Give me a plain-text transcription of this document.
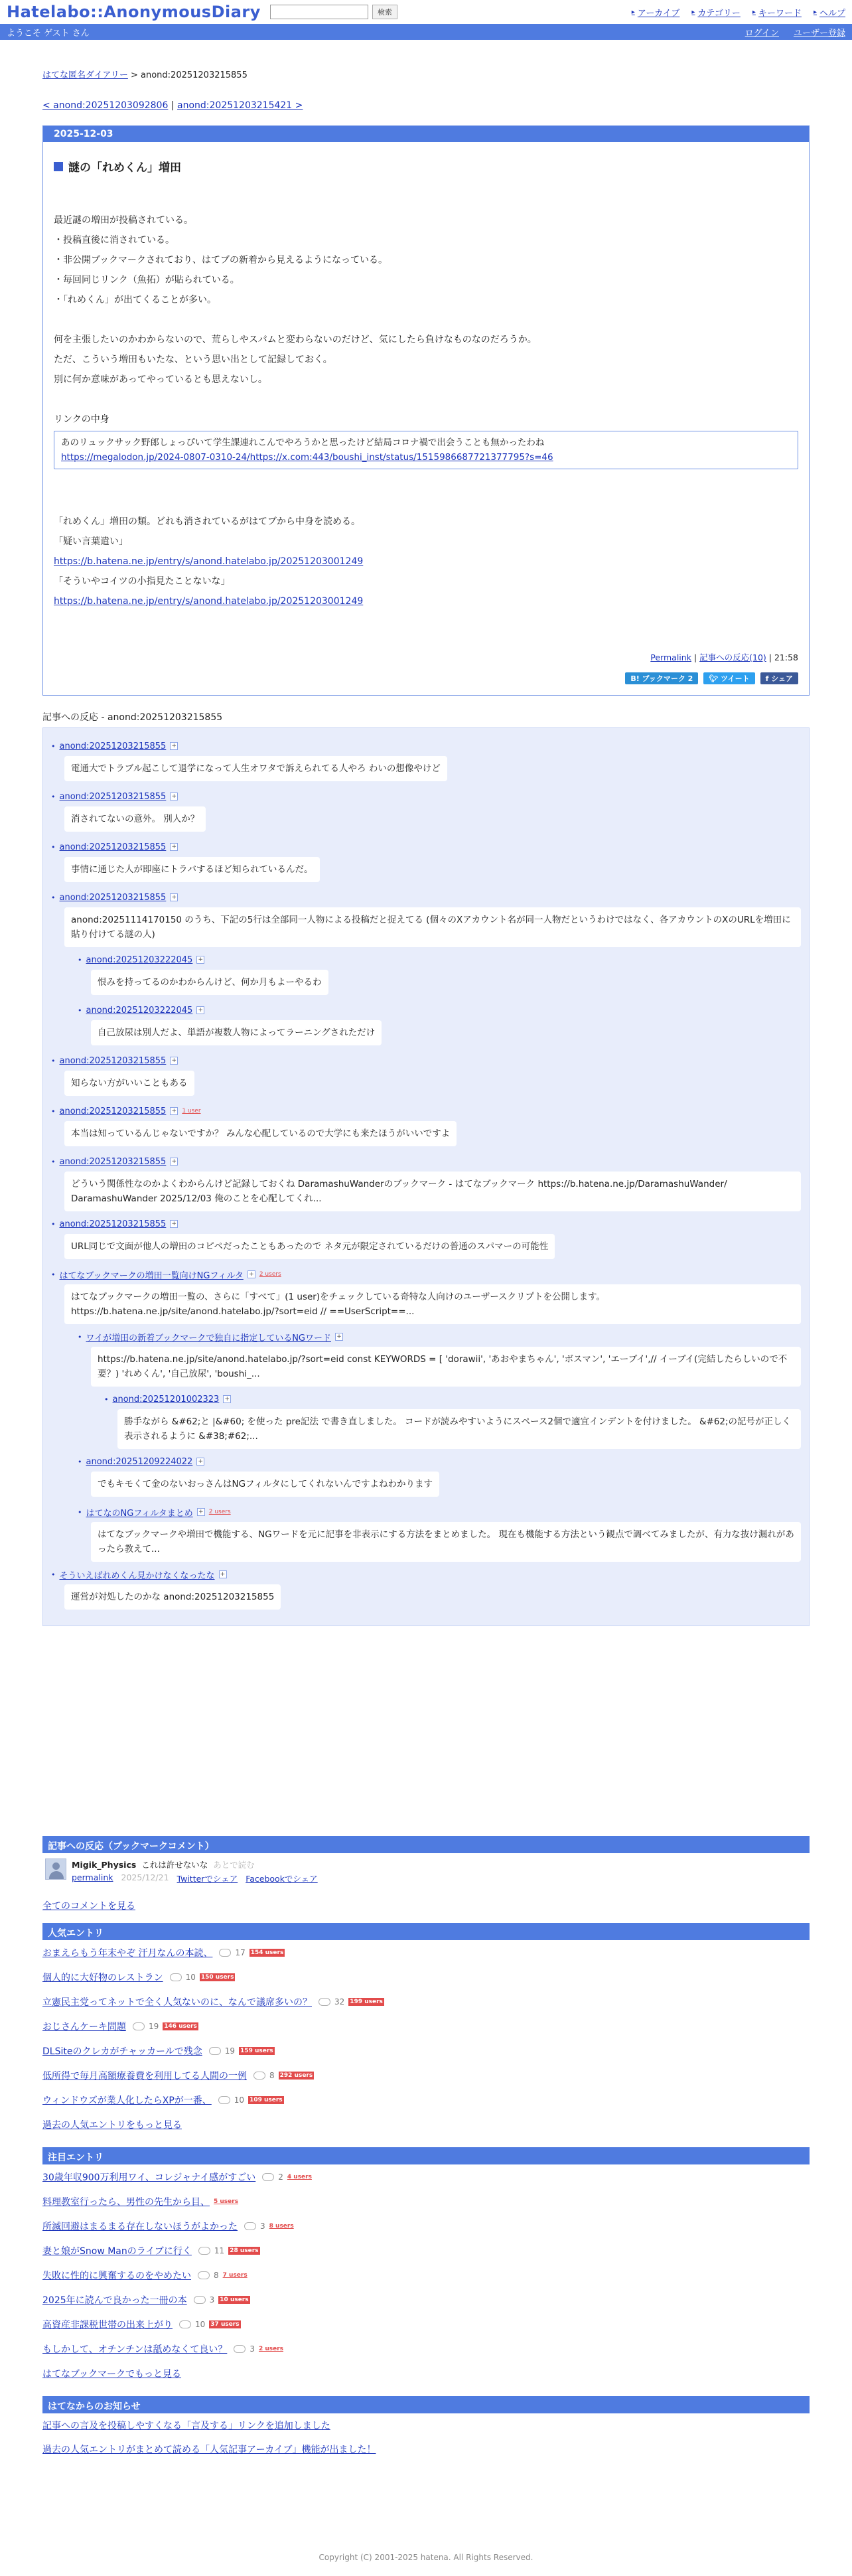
Hatelabo::AnonymousDiary	検索	▸ アーカイブ ▸ カテゴリー ▸ キーワード ▸ ヘルプ
ようこそ ゲスト さん	ログイン ユーザー登録
はてな匿名ダイアリー > anond:20251203215855
< anond:20251203092806 | anond:20251203215421 >
2025-12-03
謎の「れめくん」増田

最近謎の増田が投稿されている。

・投稿直後に消されている。

・非公開ブックマークされており、はてブの新着から見えるようになっている。

・毎回同じリンク（魚拓）が貼られている。

・「れめくん」が出てくることが多い。

何を主張したいのかわからないので、荒らしやスパムと変わらないのだけど、気にしたら負けなものなのだろうか。

ただ、こういう増田もいたな、という思い出として記録しておく。

別に何か意味があってやっているとも思えないし。

リンクの中身

あのリュックサック野郎しょっぴいて学生課連れこんでやろうかと思ったけど結局コロナ禍で出会うことも無かったわね
https://megalodon.jp/2024-0807-0310-24/https://x.com:443/boushi_inst/status/1515986687721377795?s=46

「れめくん」増田の類。どれも消されているがはてブから中身を読める。

「疑い言葉遣い」

https://b.hatena.ne.jp/entry/s/anond.hatelabo.jp/20251203001249

「そういやコイツの小指見たことないな」

https://b.hatena.ne.jp/entry/s/anond.hatelabo.jp/20251203001249

Permalink | 記事への反応(10) | 21:58
B! ブックマーク 2	🐦︎
ツイート f
シェア
記事への反応 - anond:20251203215855
• anond:20251203215855 +
電通大でトラブル起こして退学になって人生オワタで訴えられてる人やろ わいの想像やけど
• anond:20251203215855 +
消されてないの意外。 別人か？
• anond:20251203215855 +
事情に通じた人が即座にトラバするほど知られているんだ。
• anond:20251203215855 +
anond:20251114170150 のうち、下記の5行は全部同一人物による投稿だと捉えてる (個々のXアカウント名が同一人物だというわけではなく、各アカウントのXのURLを増田に貼り付けてる謎の人)
• anond:20251203222045 +
恨みを持ってるのかわからんけど、何か月もよーやるわ
• anond:20251203222045 +
自己放尿は別人だよ、単語が複数人物によってラーニングされただけ
• anond:20251203215855 +
知らない方がいいこともある
• anond:20251203215855 + 1 user
本当は知っているんじゃないですか？ みんな心配しているので大学にも来たほうがいいですよ
• anond:20251203215855 +
どういう関係性なのかよくわからんけど記録しておくね DaramashuWanderのブックマーク - はてなブックマーク https://b.hatena.ne.jp/DaramashuWander/ DaramashuWander 2025/12/03 俺のことを心配してくれ...
• anond:20251203215855 +
URL同じで文面が他人の増田のコピペだったこともあったので ネタ元が限定されているだけの普通のスパマーの可能性
• はてなブックマークの増田一覧向けNGフィルタ + 2 users
はてなブックマークの増田一覧の、さらに「すべて」(1 user)をチェックしている奇特な人向けのユーザースクリプトを公開します。 https://b.hatena.ne.jp/site/anond.hatelabo.jp/?sort=eid // ==UserScript==...
• ワイが増田の新着ブックマークで独自に指定しているNGワード +
https://b.hatena.ne.jp/site/anond.hatelabo.jp/?sort=eid const KEYWORDS = [ 'dorawii', 'あおやまちゃん', 'ボスマン', 'エーブイ',// イーブイ(完結したらしいので不要？) 'れめくん', '自己放尿', 'boushi_...
• anond:20251201002323 +
勝手ながら &#62;と |&#60; を使った pre記法 で書き直しました。 コードが読みやすいようにスペース2個で適宜インデントを付けました。 &#62;の記号が正しく表示されるように &#38;#62;...
• anond:20251209224022 +
でもキモくて金のないおっさんはNGフィルタにしてくれないんですよねわかります
• はてなのNGフィルタまとめ + 2 users
はてなブックマークや増田で機能する、NGワードを元に記事を非表示にする方法をまとめました。 現在も機能する方法という観点で調べてみましたが、有力な抜け漏れがあったら教えて...
• そういえばれめくん見かけなくなったな +
運営が対処したのかな anond:20251203215855
記事への反応（ブックマークコメント）
Migik_Physics これは許せないな あとで読む
permalink 2025/12/21 Twitterでシェア Facebookでシェア
全てのコメントを見る
人気エントリ
おまえらもう年末やぞ 汗月なんの本読、	17 154 users
個人的に大好物のレストラン	10 150 users
立憲民主党ってネットで全く人気ないのに、なんで議席多いの？	32 199 users
おじさんケーキ問題	19 146 users
DLSiteのクレカがチャッカールで残念	19 159 users
低所得で毎月高額療養費を利用してる人間の一例	8 292 users
ウィンドウズが業人化したらXPが一番、	10 109 users
過去の人気エントリをもっと見る
注目エントリ
30歳年収900万利用ワイ、コレジャナイ感がすごい	2 4 users
料理教室行ったら、男性の先生から目、 5 users
所滅回避はまるまる存在しないほうがよかった	3 8 users
妻と娘がSnow Manのライブに行く	11 28 users
失敗に性的に興奮するのをやめたい	8 7 users
2025年に読んで良かった一冊の本	3 10 users
高資産非課税世帯の出来上がり	10 37 users
もしかして、オチンチンは舐めなくて良い？	3 2 users
はてなブックマークでもっと見る
はてなからのお知らせ
記事への言及を投稿しやすくなる「言及する」リンクを追加しました
過去の人気エントリがまとめて読める「人気記事アーカイブ」機能が出ました！
Copyright (C) 2001-2025 hatena. All Rights Reserved.
